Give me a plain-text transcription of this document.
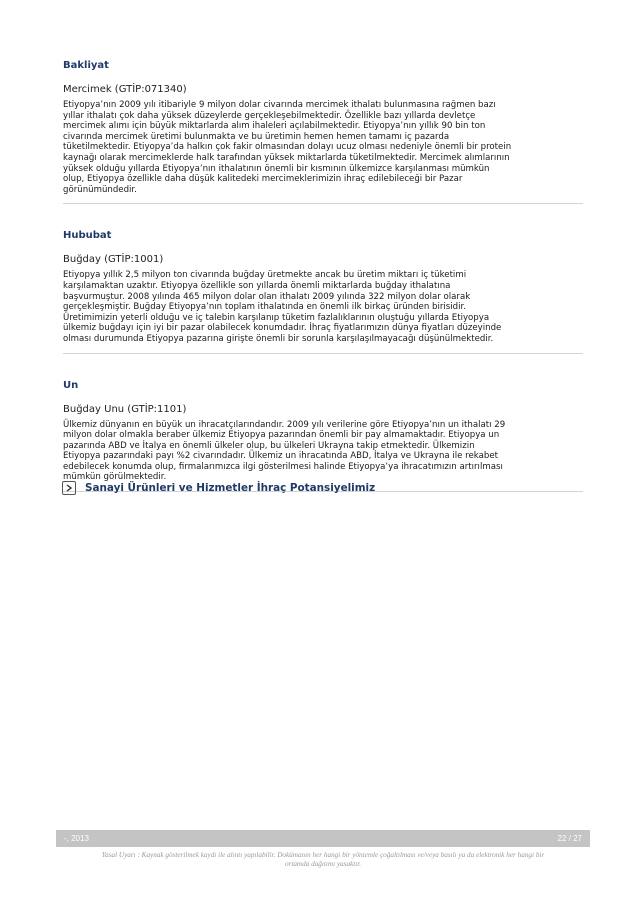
Bakliyat

Mercimek (GTİP:071340)

Etiyopya’nın 2009 yılı itibariyle 9 milyon dolar civarında mercimek ithalatı bulunmasına rağmen bazı
yıllar ithalatı çok daha yüksek düzeylerde gerçekleşebilmektedir. Özellikle bazı yıllarda devletçe
mercimek alımı için büyük miktarlarda alım ihaleleri açılabilmektedir. Etiyopya’nın yıllık 90 bin ton
civarında mercimek üretimi bulunmakta ve bu üretimin hemen hemen tamamı iç pazarda
tüketilmektedir. Etiyopya’da halkın çok fakir olmasından dolayı ucuz olması nedeniyle önemli bir protein
kaynağı olarak mercimeklerde halk tarafından yüksek miktarlarda tüketilmektedir. Mercimek alımlarının
yüksek olduğu yıllarda Etiyopya’nın ithalatının önemli bir kısmının ülkemizce karşılanması mümkün
olup, Etiyopya özellikle daha düşük kalitedeki mercimeklerimizin ihraç edilebileceği bir Pazar
görünümündedir.

Hububat

Buğday (GTİP:1001)

Etiyopya yıllık 2,5 milyon ton civarında buğday üretmekte ancak bu üretim miktarı iç tüketimi
karşılamaktan uzaktır. Etiyopya özellikle son yıllarda önemli miktarlarda buğday ithalatına
başvurmuştur. 2008 yılında 465 milyon dolar olan ithalatı 2009 yılında 322 milyon dolar olarak
gerçekleşmiştir. Buğday Etiyopya’nın toplam ithalatında en önemli ilk birkaç üründen birisidir.
Üretimimizin yeterli olduğu ve iç talebin karşılanıp tüketim fazlalıklarının oluştuğu yıllarda Etiyopya
ülkemiz buğdayı için iyi bir pazar olabilecek konumdadır. İhraç fiyatlarımızın dünya fiyatları düzeyinde
olması durumunda Etiyopya pazarına girişte önemli bir sorunla karşılaşılmayacağı düşünülmektedir.

Un

Buğday Unu (GTİP:1101)

Ülkemiz dünyanın en büyük un ihracatçılarındandır. 2009 yılı verilerine göre Etiyopya’nın un ithalatı 29
milyon dolar olmakla beraber ülkemiz Etiyopya pazarından önemli bir pay almamaktadır. Etiyopya un
pazarında ABD ve İtalya en önemli ülkeler olup, bu ülkeleri Ukrayna takip etmektedir. Ülkemizin
Etiyopya pazarındaki payı %2 civarındadır. Ülkemiz un ihracatında ABD, İtalya ve Ukrayna ile rekabet
edebilecek konumda olup, firmalarımızca ilgi gösterilmesi halinde Etiyopya’ya ihracatımızın artırılması
mümkün görülmektedir.
Sanayi Ürünleri ve Hizmetler İhraç Potansiyelimiz
-, 2013	22 / 27
Yasal Uyarı : Kaynak gösterilmek kaydı ile alıntı yapılabilir. Dokümanın her hangi bir yöntemle çoğaltılması ve/veya basılı ya da elektronik her hangi bir
ortamda dağıtımı yasaktır.
